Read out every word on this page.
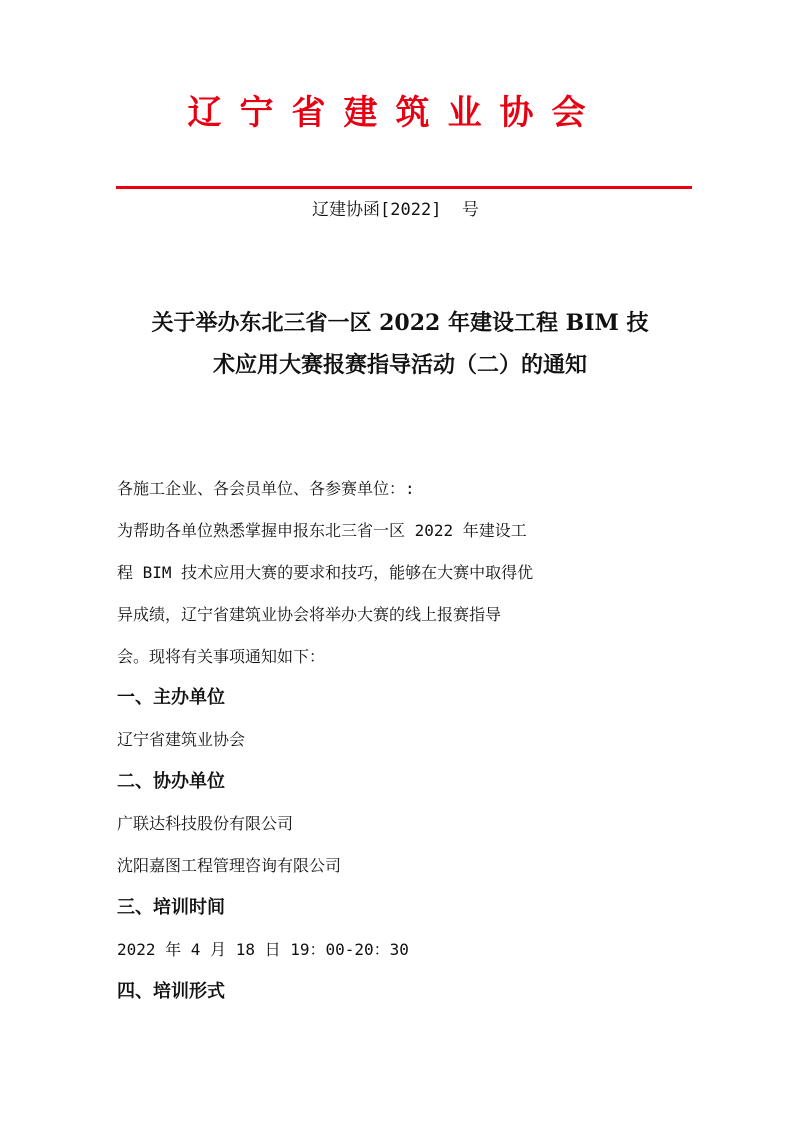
辽宁省建筑业协会
辽建协函[2022]  号
关于举办东北三省一区 2022 年建设工程 BIM 技
术应用大赛报赛指导活动（二）的通知
各施工企业、各会员单位、各参赛单位：:
为帮助各单位熟悉掌握申报东北三省一区 2022 年建设工
程 BIM 技术应用大赛的要求和技巧，能够在大赛中取得优
异成绩，辽宁省建筑业协会将举办大赛的线上报赛指导
会。现将有关事项通知如下：
一、主办单位
辽宁省建筑业协会
二、协办单位
广联达科技股份有限公司
沈阳嘉图工程管理咨询有限公司
三、培训时间
2022 年 4 月 18 日 19：00-20：30
四、培训形式
